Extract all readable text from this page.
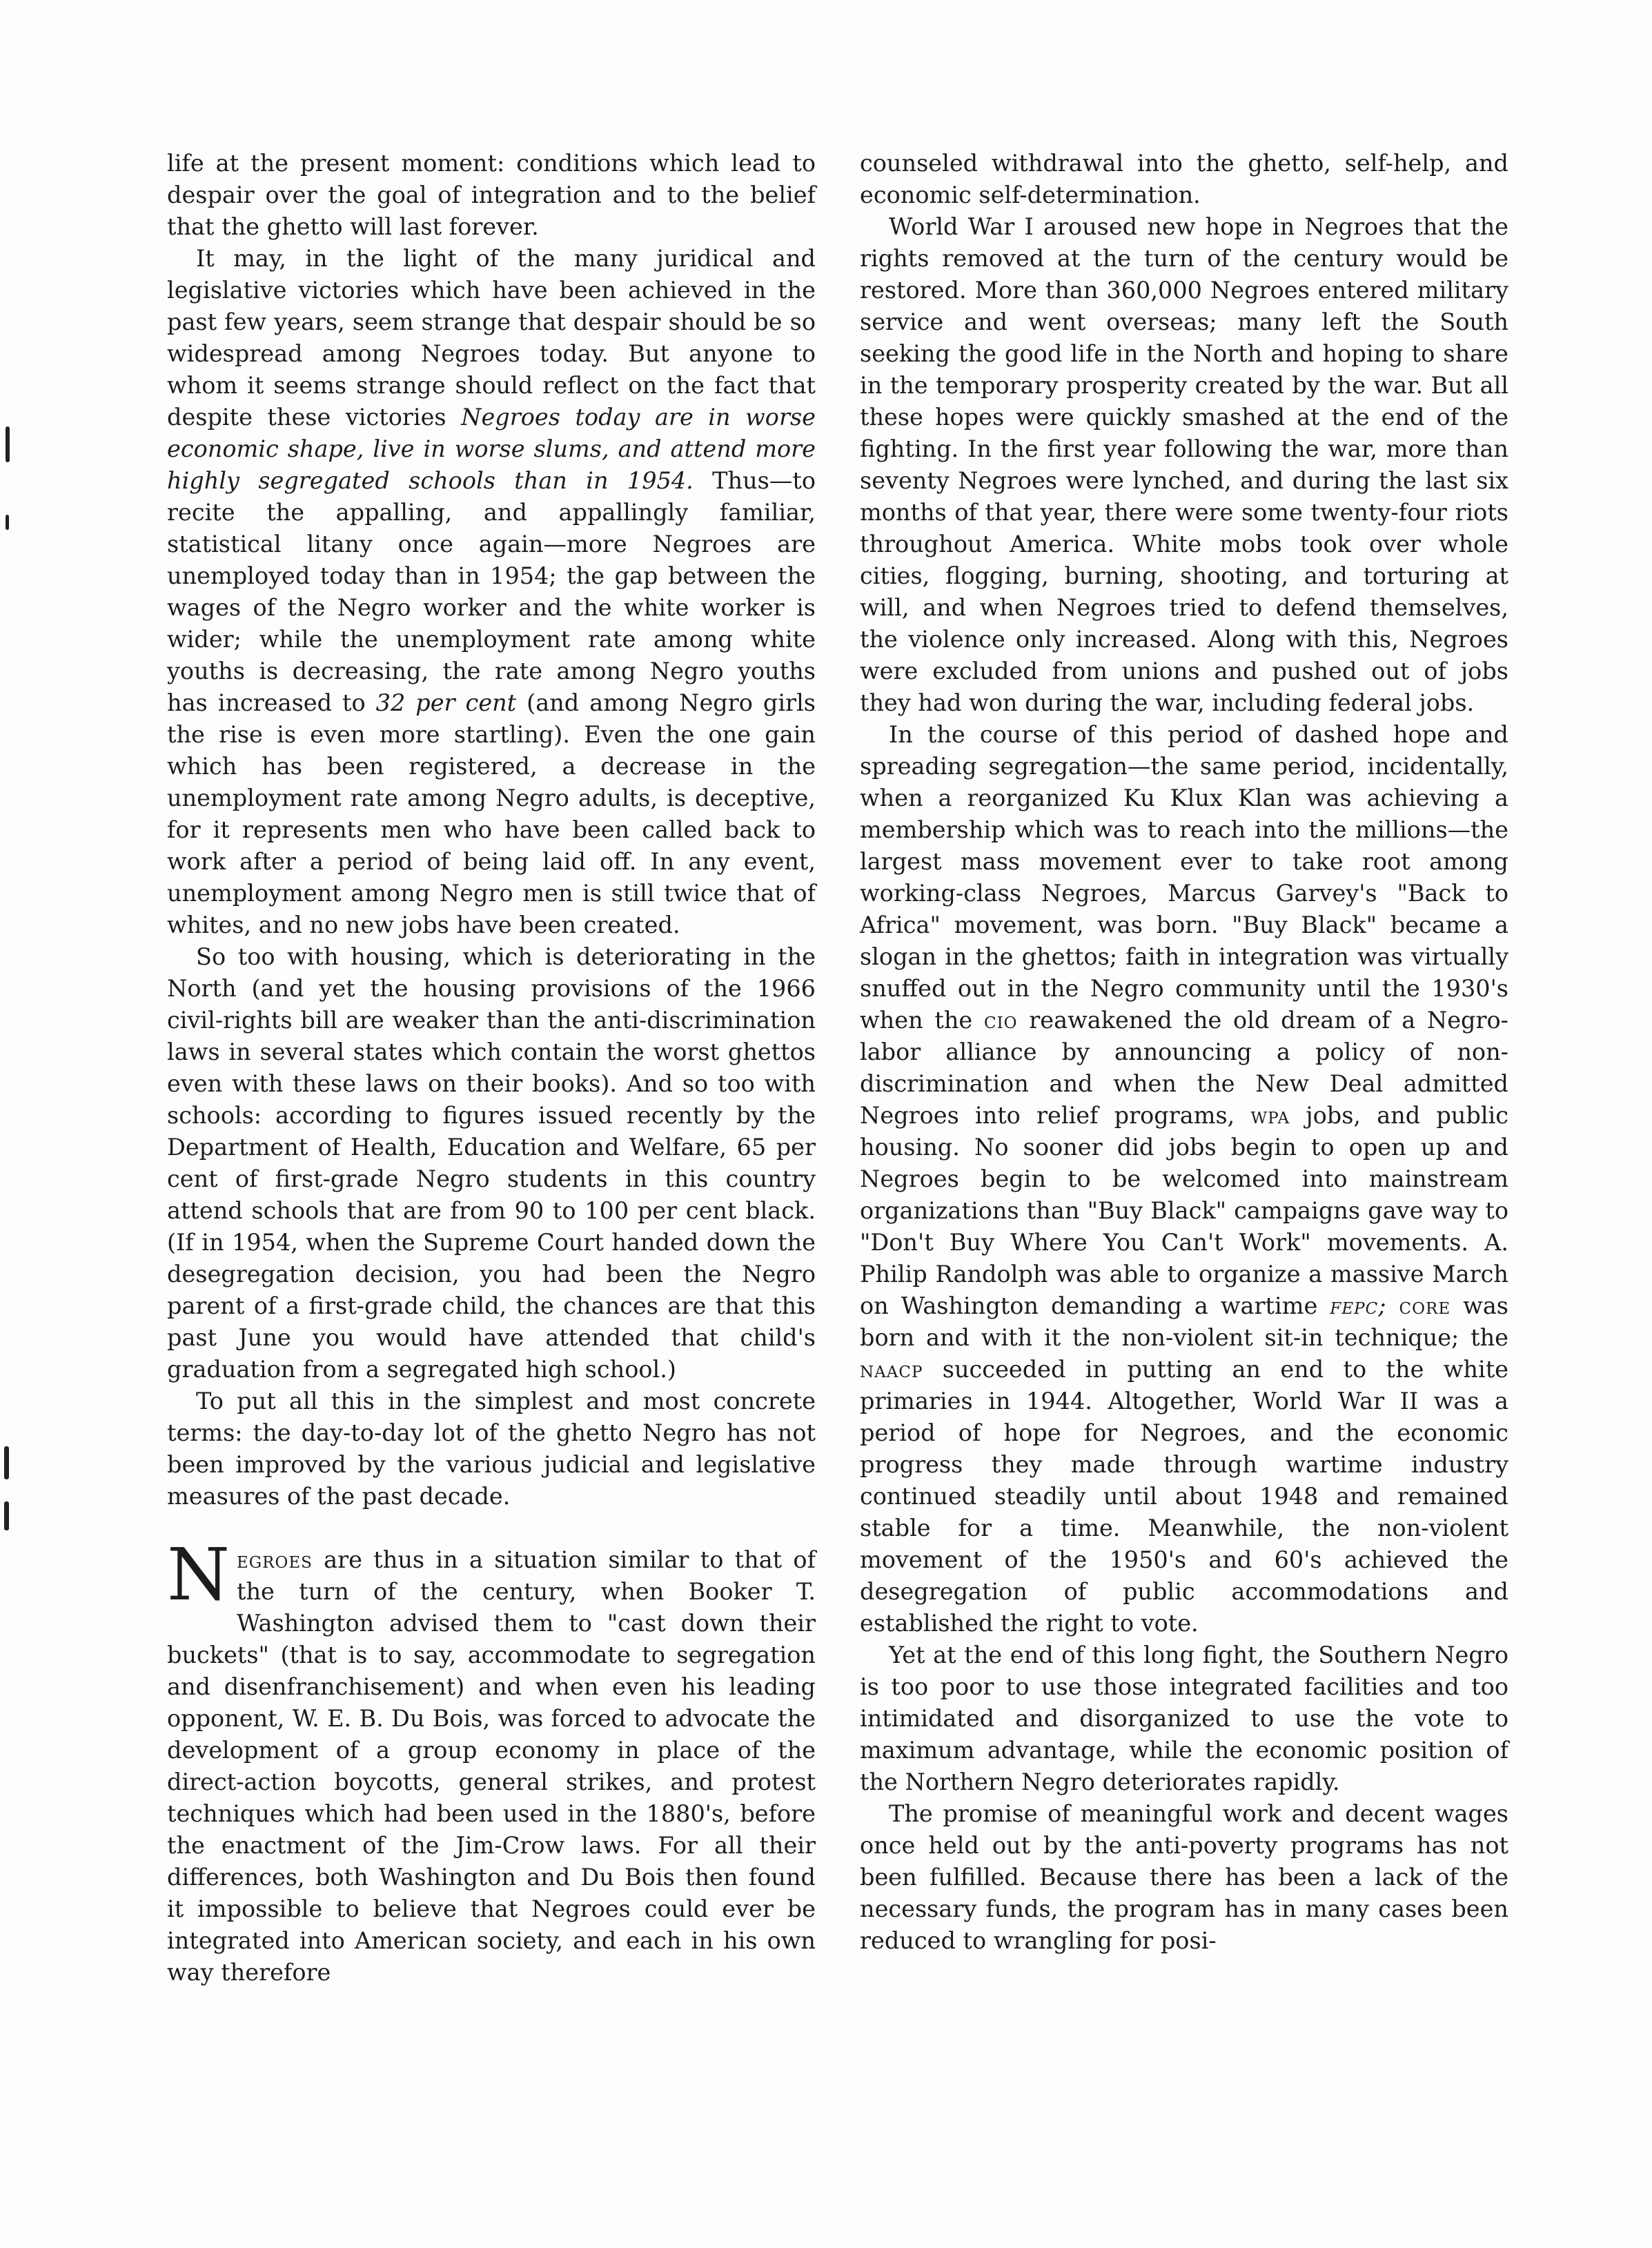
life at the present moment: conditions which lead to despair over the goal of integration and to the belief that the ghetto will last forever.

It may, in the light of the many juridical and legislative victories which have been achieved in the past few years, seem strange that despair should be so widespread among Negroes today. But anyone to whom it seems strange should reflect on the fact that despite these victories Negroes today are in worse economic shape, live in worse slums, and attend more highly segregated schools than in 1954. Thus—to recite the appalling, and appallingly familiar, statistical litany once again—more Negroes are unemployed today than in 1954; the gap between the wages of the Negro worker and the white worker is wider; while the unemployment rate among white youths is decreasing, the rate among Negro youths has increased to 32 per cent (and among Negro girls the rise is even more startling). Even the one gain which has been registered, a decrease in the unemployment rate among Negro adults, is deceptive, for it represents men who have been called back to work after a period of being laid off. In any event, unemployment among Negro men is still twice that of whites, and no new jobs have been created.

So too with housing, which is deteriorating in the North (and yet the housing provisions of the 1966 civil-rights bill are weaker than the anti-discrimination laws in several states which contain the worst ghettos even with these laws on their books). And so too with schools: according to figures issued recently by the Department of Health, Education and Welfare, 65 per cent of first-grade Negro students in this country attend schools that are from 90 to 100 per cent black. (If in 1954, when the Supreme Court handed down the desegregation decision, you had been the Negro parent of a first-grade child, the chances are that this past June you would have attended that child's graduation from a segregated high school.)

To put all this in the simplest and most concrete terms: the day-to-day lot of the ghetto Negro has not been improved by the various judicial and legislative measures of the past decade.

Negroes are thus in a situation similar to that of the turn of the century, when Booker T. Washington advised them to "cast down their buckets" (that is to say, accommodate to segregation and disenfranchisement) and when even his leading opponent, W. E. B. Du Bois, was forced to advocate the development of a group economy in place of the direct-action boycotts, general strikes, and protest techniques which had been used in the 1880's, before the enactment of the Jim-Crow laws. For all their differences, both Washington and Du Bois then found it impossible to believe that Negroes could ever be integrated into American society, and each in his own way therefore

counseled withdrawal into the ghetto, self-help, and economic self-determination.

World War I aroused new hope in Negroes that the rights removed at the turn of the century would be restored. More than 360,000 Negroes entered military service and went overseas; many left the South seeking the good life in the North and hoping to share in the temporary prosperity created by the war. But all these hopes were quickly smashed at the end of the fighting. In the first year following the war, more than seventy Negroes were lynched, and during the last six months of that year, there were some twenty-four riots throughout America. White mobs took over whole cities, flogging, burning, shooting, and torturing at will, and when Negroes tried to defend themselves, the violence only increased. Along with this, Negroes were excluded from unions and pushed out of jobs they had won during the war, including federal jobs.

In the course of this period of dashed hope and spreading segregation—the same period, incidentally, when a reorganized Ku Klux Klan was achieving a membership which was to reach into the millions—the largest mass movement ever to take root among working-class Negroes, Marcus Garvey's "Back to Africa" movement, was born. "Buy Black" became a slogan in the ghettos; faith in integration was virtually snuffed out in the Negro community until the 1930's when the cio reawakened the old dream of a Negro-labor alliance by announcing a policy of non-discrimination and when the New Deal admitted Negroes into relief programs, wpa jobs, and public housing. No sooner did jobs begin to open up and Negroes begin to be welcomed into mainstream organizations than "Buy Black" campaigns gave way to "Don't Buy Where You Can't Work" movements. A. Philip Randolph was able to organize a massive March on Washington demanding a wartime fepc; core was born and with it the non-violent sit-in technique; the naacp succeeded in putting an end to the white primaries in 1944. Altogether, World War II was a period of hope for Negroes, and the economic progress they made through wartime industry continued steadily until about 1948 and remained stable for a time. Meanwhile, the non-violent movement of the 1950's and 60's achieved the desegregation of public accommodations and established the right to vote.

Yet at the end of this long fight, the Southern Negro is too poor to use those integrated facilities and too intimidated and disorganized to use the vote to maximum advantage, while the economic position of the Northern Negro deteriorates rapidly.

The promise of meaningful work and decent wages once held out by the anti-poverty programs has not been fulfilled. Because there has been a lack of the necessary funds, the program has in many cases been reduced to wrangling for posi-
